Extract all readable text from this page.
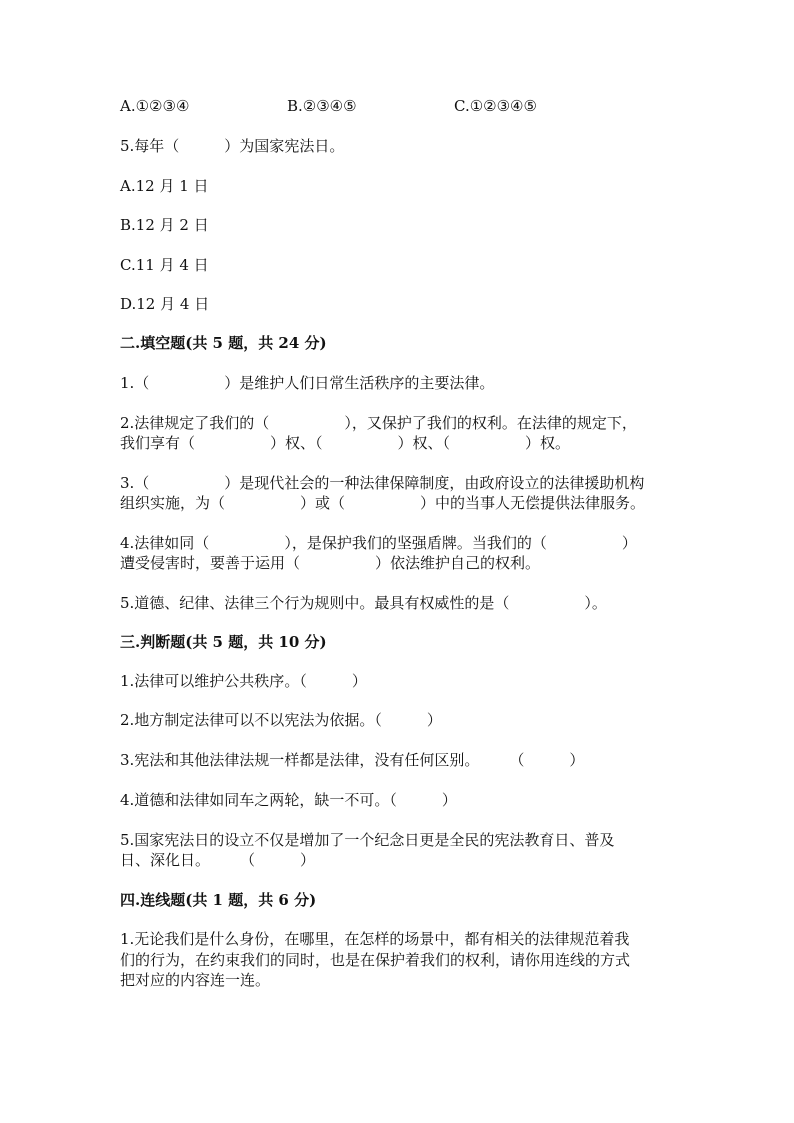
A.①②③④	B.②③④⑤	C.①②③④⑤
5.每年（　　　）为国家宪法日。
A.12 月 1 日
B.12 月 2 日
C.11 月 4 日
D.12 月 4 日
二.填空题(共 5 题，共 24 分)
1.（　　　　　）是维护人们日常生活秩序的主要法律。
2.法律规定了我们的（　　　　　），又保护了我们的权利。在法律的规定下，
我们享有（　　　　　）权、（　　　　　）权、（　　　　　）权。
3.（　　　　　）是现代社会的一种法律保障制度，由政府设立的法律援助机构
组织实施，为（　　　　　）或（　　　　　）中的当事人无偿提供法律服务。
4.法律如同（　　　　　），是保护我们的坚强盾牌。当我们的（　　　　　）
遭受侵害时，要善于运用（　　　　　）依法维护自己的权利。
5.道德、纪律、法律三个行为规则中。最具有权威性的是（　　　　　）。
三.判断题(共 5 题，共 10 分)
1.法律可以维护公共秩序。（　　　）
2.地方制定法律可以不以宪法为依据。（　　　）
3.宪法和其他法律法规一样都是法律，没有任何区别。　　　（　　　）
4.道德和法律如同车之两轮，缺一不可。（　　　）
5.国家宪法日的设立不仅是增加了一个纪念日更是全民的宪法教育日、普及
日、深化日。　　　（　　　）
四.连线题(共 1 题，共 6 分)
1.无论我们是什么身份，在哪里，在怎样的场景中，都有相关的法律规范着我
们的行为，在约束我们的同时，也是在保护着我们的权利，请你用连线的方式
把对应的内容连一连。
